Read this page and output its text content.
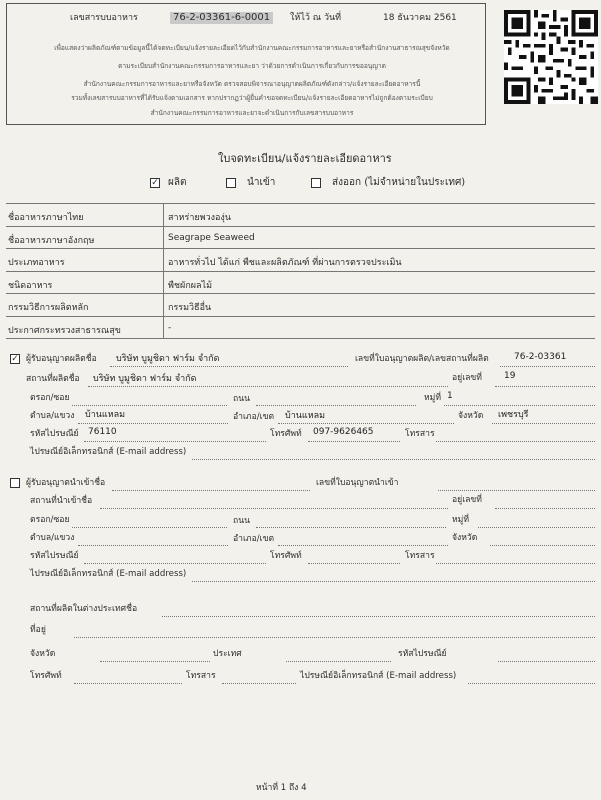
เลขสารบบอาหาร	76-2-03361-6-0001	ให้ไว้ ณ วันที่	18 ธันวาคม 2561
เพื่อแสดงว่าผลิตภัณฑ์ตามข้อมูลนี้ได้จดทะเบียน/แจ้งรายละเอียดไว้กับสำนักงานคณะกรรมการอาหารและยาหรือสำนักงานสาธารณสุขจังหวัด
ตามระเบียบสำนักงานคณะกรรมการอาหารและยา ว่าด้วยการดำเนินการเกี่ยวกับการขออนุญาต
สำนักงานคณะกรรมการอาหารและยาหรือจังหวัด ตรวจสอบพิจารณาอนุญาตผลิตภัณฑ์ดังกล่าว/แจ้งรายละเอียดอาหารนี้
รวมทั้งเลขสารบบอาหารที่ได้รับแจ้งตามเอกสาร หากปรากฏว่าผู้ยื่นคำขอจดทะเบียน/แจ้งรายละเอียดอาหารไม่ถูกต้องตามระเบียบ
สำนักงานคณะกรรมการอาหารและยาจะดำเนินการกับเลขสารบบอาหาร
ใบจดทะเบียน/แจ้งรายละเอียดอาหาร
✓ ผลิต	นำเข้า	ส่งออก (ไม่จำหน่ายในประเทศ)
ชื่ออาหารภาษาไทย	สาหร่ายพวงองุ่น
ชื่ออาหารภาษาอังกฤษ	Seagrape Seaweed
ประเภทอาหาร	อาหารทั่วไป ได้แก่ พืชและผลิตภัณฑ์ ที่ผ่านการตรวจประเมิน
ชนิดอาหาร	พืชผักผลไม้
กรรมวิธีการผลิตหลัก	กรรมวิธีอื่น
ประกาศกระทรวงสาธารณสุข	-
✓ ผู้รับอนุญาตผลิตชื่อ บริษัท บูมูชิดา ฟาร์ม จำกัด	เลขที่ใบอนุญาตผลิต/เลขสถานที่ผลิต	76-2-03361
สถานที่ผลิตชื่อ บริษัท บูมูชิดา ฟาร์ม จำกัด	อยู่เลขที่ 19
ตรอก/ซอย	ถนน	หมู่ที่ 1
ตำบล/แขวง บ้านแหลม	อำเภอ/เขต บ้านแหลม	จังหวัด เพชรบุรี
รหัสไปรษณีย์ 76110	โทรศัพท์ 097-9626465	โทรสาร
ไปรษณีย์อิเล็กทรอนิกส์ (E-mail address)
ผู้รับอนุญาตนำเข้าชื่อ	เลขที่ใบอนุญาตนำเข้า
สถานที่นำเข้าชื่อ	อยู่เลขที่
ตรอก/ซอย	ถนน	หมู่ที่
ตำบล/แขวง	อำเภอ/เขต	จังหวัด
รหัสไปรษณีย์	โทรศัพท์	โทรสาร
ไปรษณีย์อิเล็กทรอนิกส์ (E-mail address)
สถานที่ผลิตในต่างประเทศชื่อ
ที่อยู่
จังหวัด	ประเทศ	รหัสไปรษณีย์
โทรศัพท์	โทรสาร	ไปรษณีย์อิเล็กทรอนิกส์ (E-mail address)
หน้าที่ 1 ถึง 4
